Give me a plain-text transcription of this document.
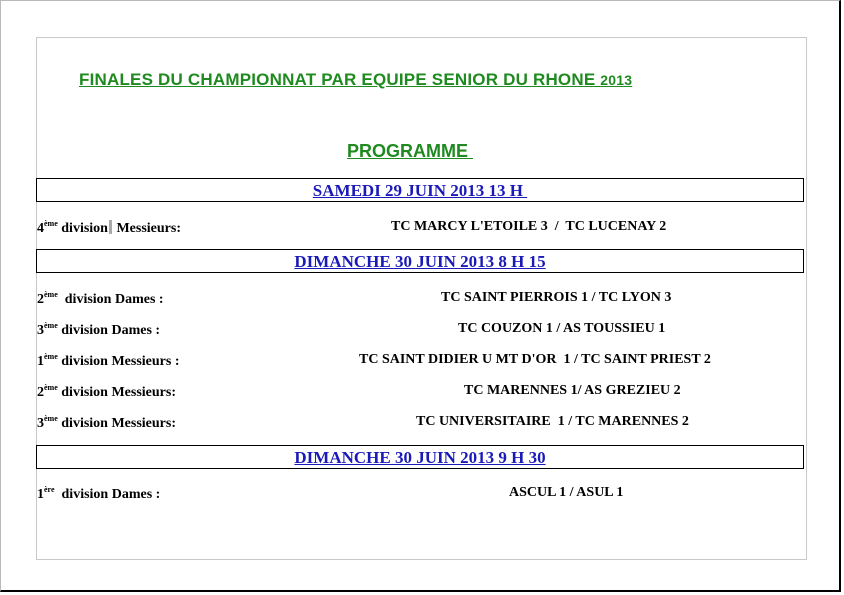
FINALES DU CHAMPIONNAT PAR EQUIPE SENIOR DU RHONE 2013
PROGRAMME
SAMEDI 29 JUIN 2013 13 H
4ème division Messieurs:	TC MARCY L'ETOILE 3  /  TC LUCENAY 2
DIMANCHE 30 JUIN 2013 8 H 15
2ème  division Dames :	TC SAINT PIERROIS 1 / TC LYON 3
3ème division Dames :	TC COUZON 1 / AS TOUSSIEU 1
1ème division Messieurs :	TC SAINT DIDIER U MT D'OR  1 / TC SAINT PRIEST 2
2ème division Messieurs:	TC MARENNES 1/ AS GREZIEU 2
3ème division Messieurs:	TC UNIVERSITAIRE  1 / TC MARENNES 2
DIMANCHE 30 JUIN 2013 9 H 30
1ère  division Dames :	ASCUL 1 / ASUL 1
